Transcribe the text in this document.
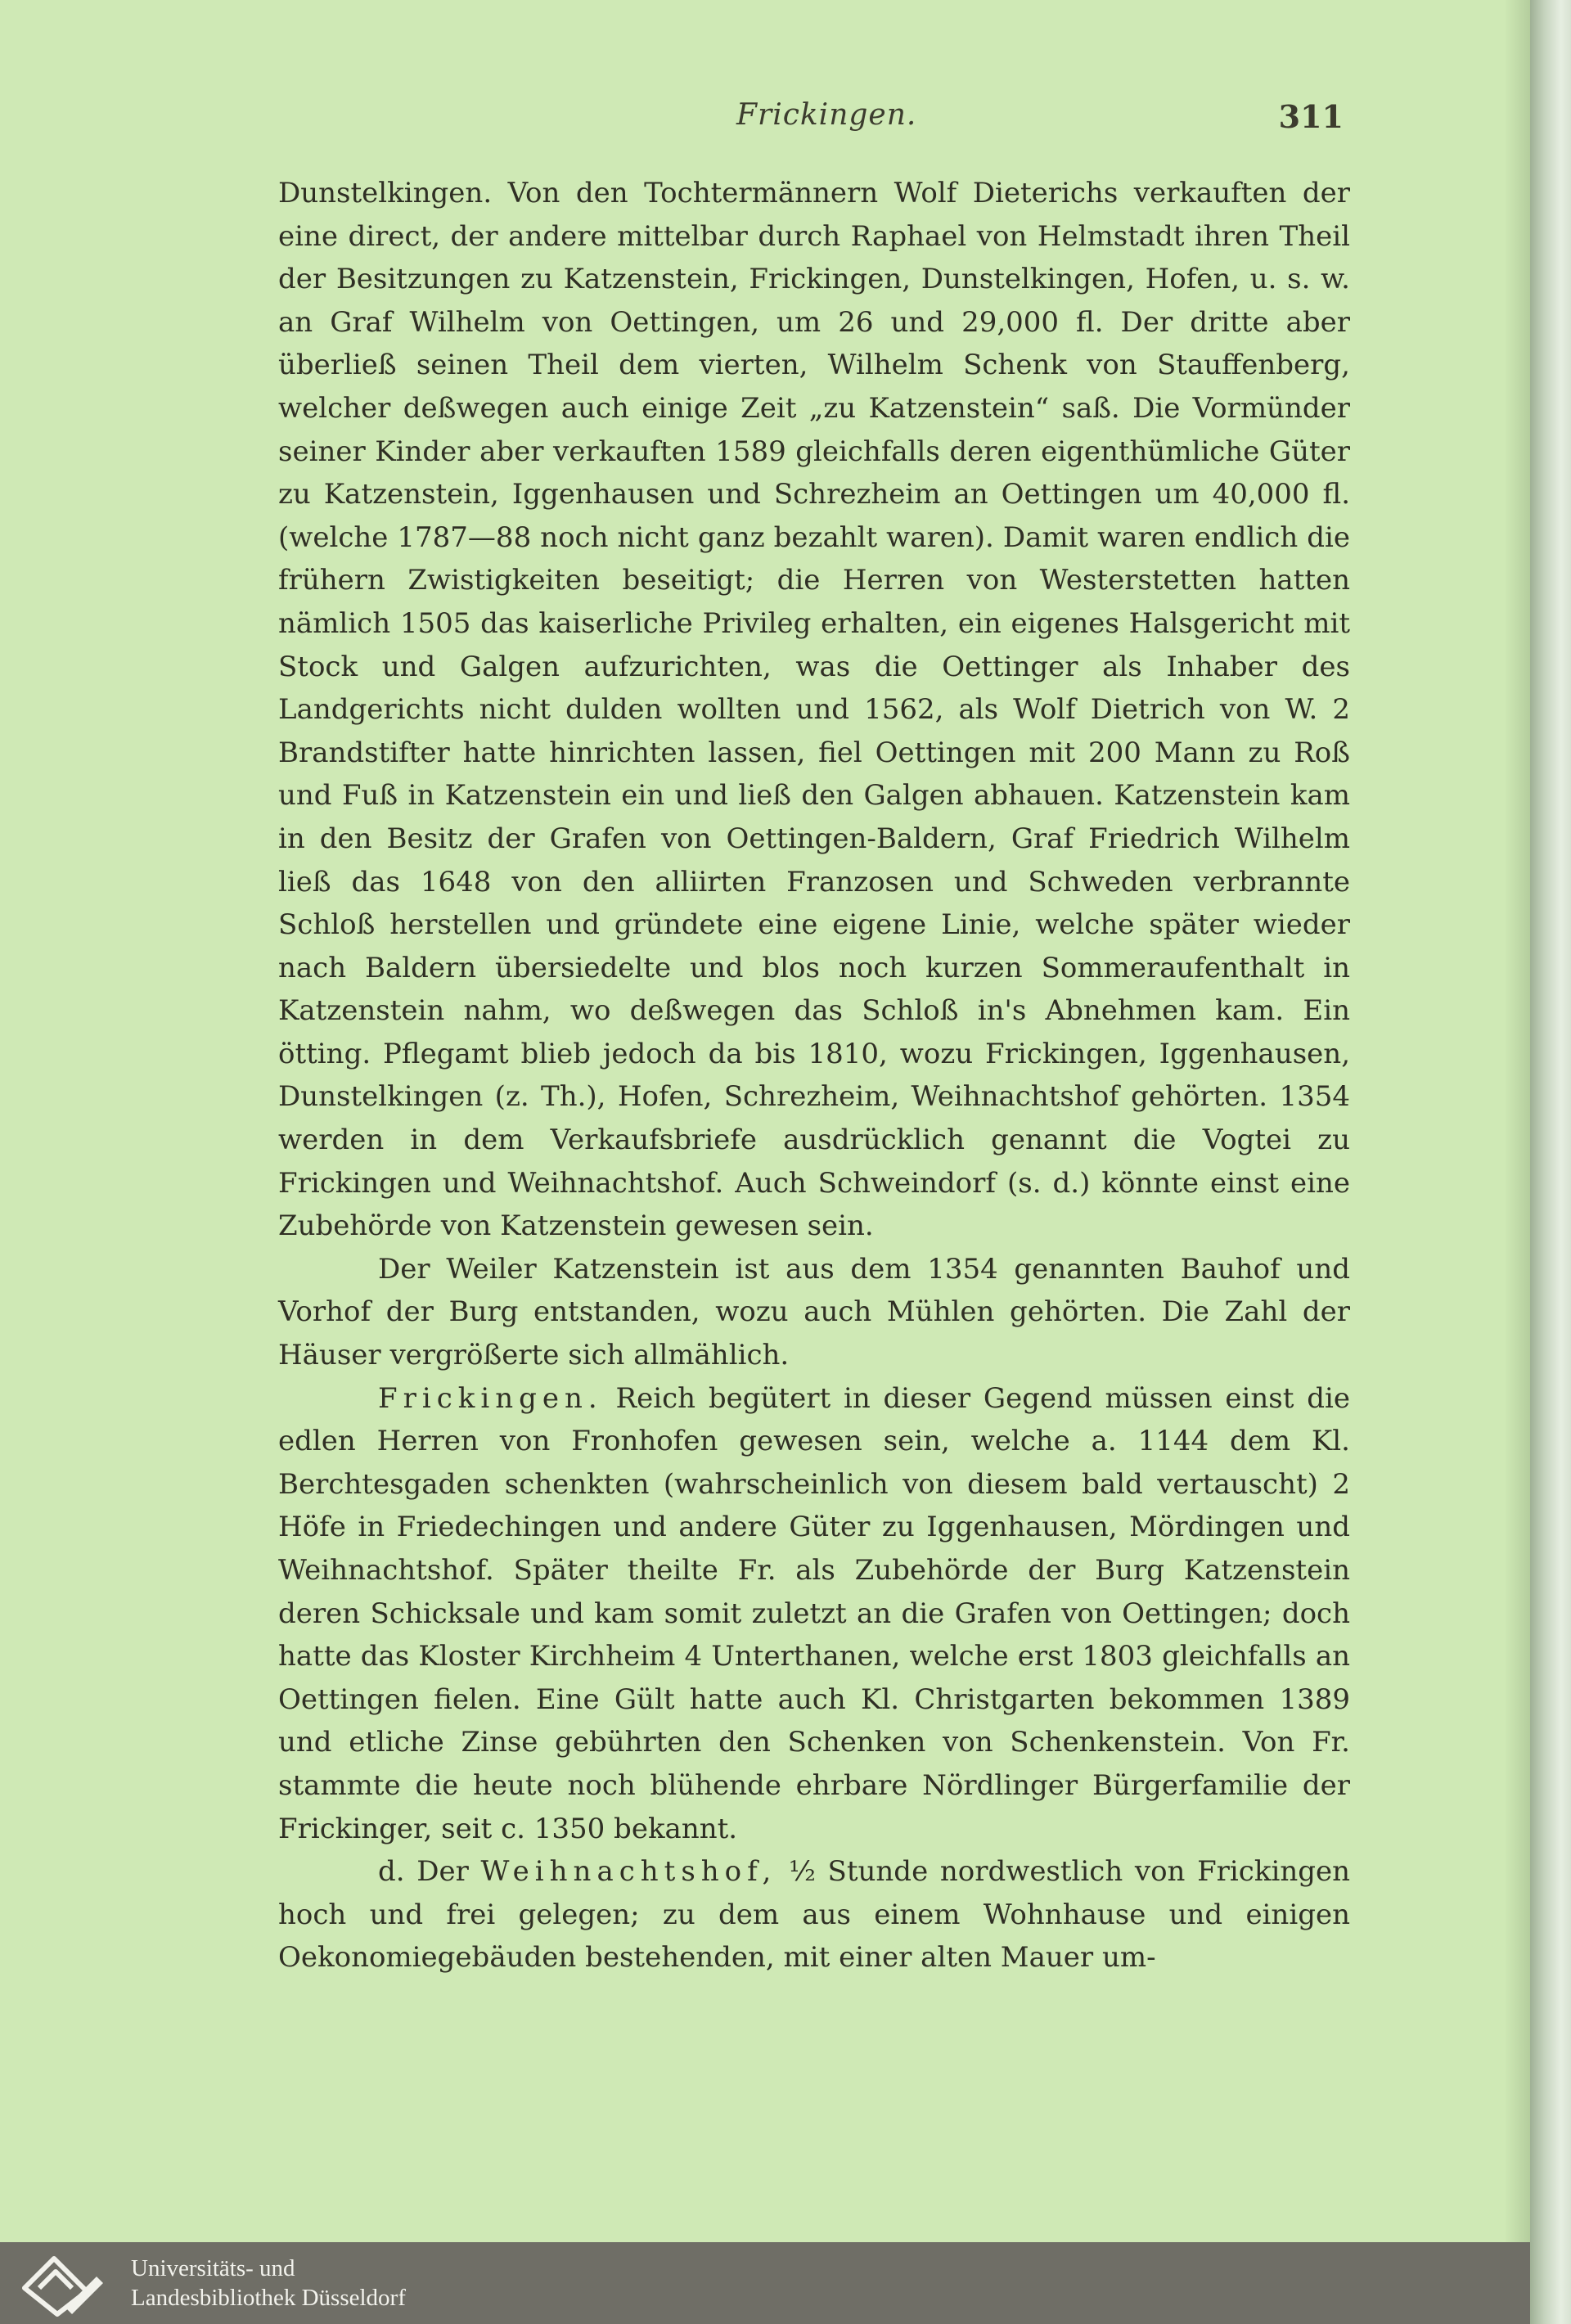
Frickingen.	311

Dunstelkingen. Von den Tochtermännern Wolf Dieterichs verkauften der eine direct, der andere mittelbar durch Raphael von Helmstadt ihren Theil der Besitzungen zu Katzenstein, Frickingen, Dunstelkingen, Hofen, u. s. w. an Graf Wilhelm von Oettingen, um 26 und 29,000 fl. Der dritte aber überließ seinen Theil dem vierten, Wilhelm Schenk von Stauffenberg, welcher deßwegen auch einige Zeit „zu Katzenstein“ saß. Die Vormünder seiner Kinder aber verkauften 1589 gleichfalls deren eigenthümliche Güter zu Katzenstein, Iggenhausen und Schrezheim an Oettingen um 40,000 fl. (welche 1787—88 noch nicht ganz bezahlt waren). Damit waren endlich die frühern Zwistigkeiten beseitigt; die Herren von Westerstetten hatten nämlich 1505 das kaiserliche Privileg erhalten, ein eigenes Halsgericht mit Stock und Galgen aufzurichten, was die Oettinger als Inhaber des Landgerichts nicht dulden wollten und 1562, als Wolf Dietrich von W. 2 Brandstifter hatte hinrichten lassen, fiel Oettingen mit 200 Mann zu Roß und Fuß in Katzenstein ein und ließ den Galgen abhauen. Katzenstein kam in den Besitz der Grafen von Oettingen-Baldern, Graf Friedrich Wilhelm ließ das 1648 von den alliirten Franzosen und Schweden verbrannte Schloß herstellen und gründete eine eigene Linie, welche später wieder nach Baldern übersiedelte und blos noch kurzen Sommeraufenthalt in Katzenstein nahm, wo deßwegen das Schloß in's Abnehmen kam. Ein ötting. Pflegamt blieb jedoch da bis 1810, wozu Frickingen, Iggenhausen, Dunstelkingen (z. Th.), Hofen, Schrezheim, Weihnachtshof gehörten. 1354 werden in dem Verkaufsbriefe ausdrücklich genannt die Vogtei zu Frickingen und Weihnachtshof. Auch Schweindorf (s. d.) könnte einst eine Zubehörde von Katzenstein gewesen sein.

Der Weiler Katzenstein ist aus dem 1354 genannten Bauhof und Vorhof der Burg entstanden, wozu auch Mühlen gehörten. Die Zahl der Häuser vergrößerte sich allmählich.

Frickingen. Reich begütert in dieser Gegend müssen einst die edlen Herren von Fronhofen gewesen sein, welche a. 1144 dem Kl. Berchtesgaden schenkten (wahrscheinlich von diesem bald vertauscht) 2 Höfe in Friedechingen und andere Güter zu Iggenhausen, Mördingen und Weihnachtshof. Später theilte Fr. als Zubehörde der Burg Katzenstein deren Schicksale und kam somit zuletzt an die Grafen von Oettingen; doch hatte das Kloster Kirchheim 4 Unterthanen, welche erst 1803 gleichfalls an Oettingen fielen. Eine Gült hatte auch Kl. Christgarten bekommen 1389 und etliche Zinse gebührten den Schenken von Schenkenstein. Von Fr. stammte die heute noch blühende ehrbare Nördlinger Bürgerfamilie der Frickinger, seit c. 1350 bekannt.

d. Der Weihnachtshof, ½ Stunde nordwestlich von Frickingen hoch und frei gelegen; zu dem aus einem Wohnhause und einigen Oekonomiegebäuden bestehenden, mit einer alten Mauer um-

Universitäts- und
Landesbibliothek Düsseldorf
